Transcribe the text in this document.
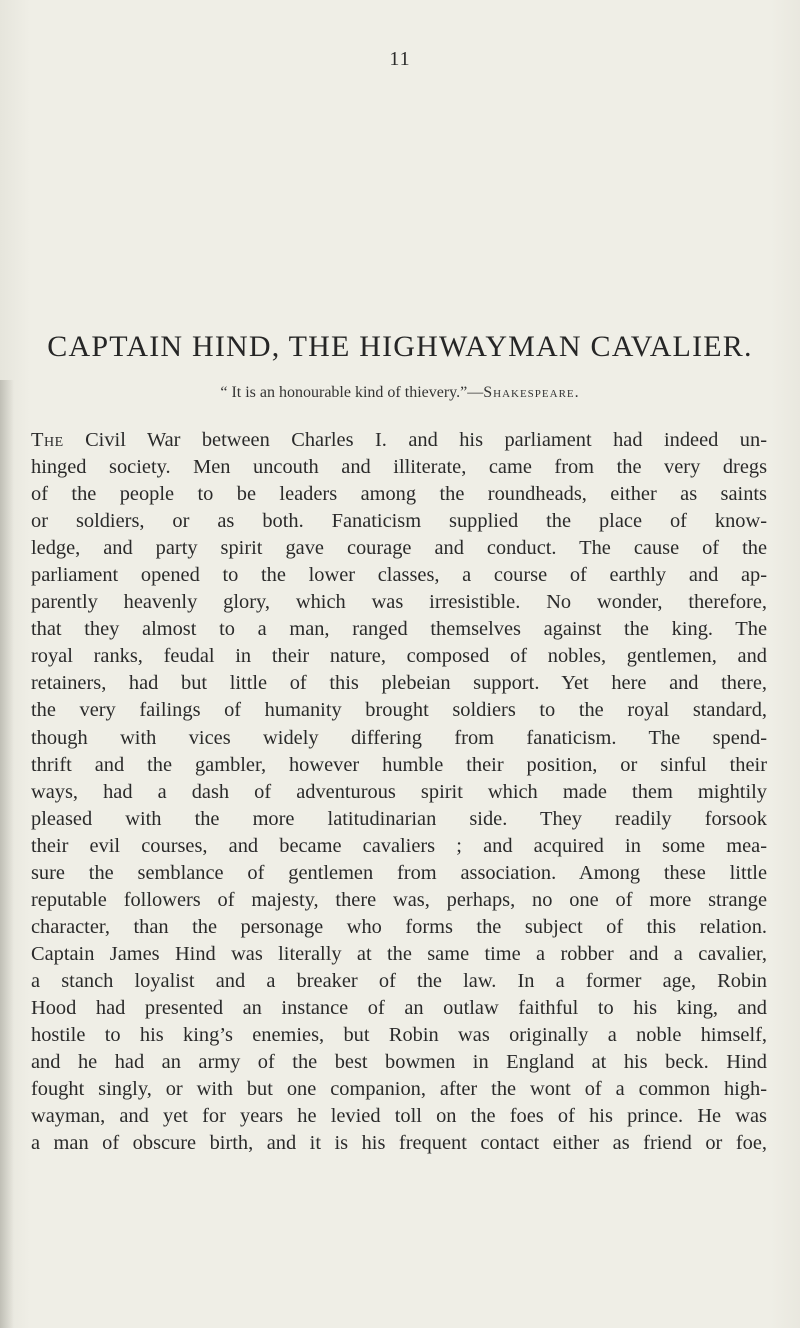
11
CAPTAIN HIND, THE HIGHWAYMAN CAVALIER.
“ It is an honourable kind of thievery.”—Shakespeare.
The Civil War between Charles I. and his parliament had indeed un-
hinged society. Men uncouth and illiterate, came from the very dregs
of the people to be leaders among the roundheads, either as saints
or soldiers, or as both. Fanaticism supplied the place of know-
ledge, and party spirit gave courage and conduct. The cause of the
parliament opened to the lower classes, a course of earthly and ap-
parently heavenly glory, which was irresistible. No wonder, therefore,
that they almost to a man, ranged themselves against the king. The
royal ranks, feudal in their nature, composed of nobles, gentlemen, and
retainers, had but little of this plebeian support. Yet here and there,
the very failings of humanity brought soldiers to the royal standard,
though with vices widely differing from fanaticism. The spend-
thrift and the gambler, however humble their position, or sinful their
ways, had a dash of adventurous spirit which made them mightily
pleased with the more latitudinarian side. They readily forsook
their evil courses, and became cavaliers ; and acquired in some mea-
sure the semblance of gentlemen from association. Among these little
reputable followers of majesty, there was, perhaps, no one of more strange
character, than the personage who forms the subject of this relation.
Captain James Hind was literally at the same time a robber and a cavalier,
a stanch loyalist and a breaker of the law. In a former age, Robin
Hood had presented an instance of an outlaw faithful to his king, and
hostile to his king’s enemies, but Robin was originally a noble himself,
and he had an army of the best bowmen in England at his beck. Hind
fought singly, or with but one companion, after the wont of a common high-
wayman, and yet for years he levied toll on the foes of his prince. He was
a man of obscure birth, and it is his frequent contact either as friend or foe,
